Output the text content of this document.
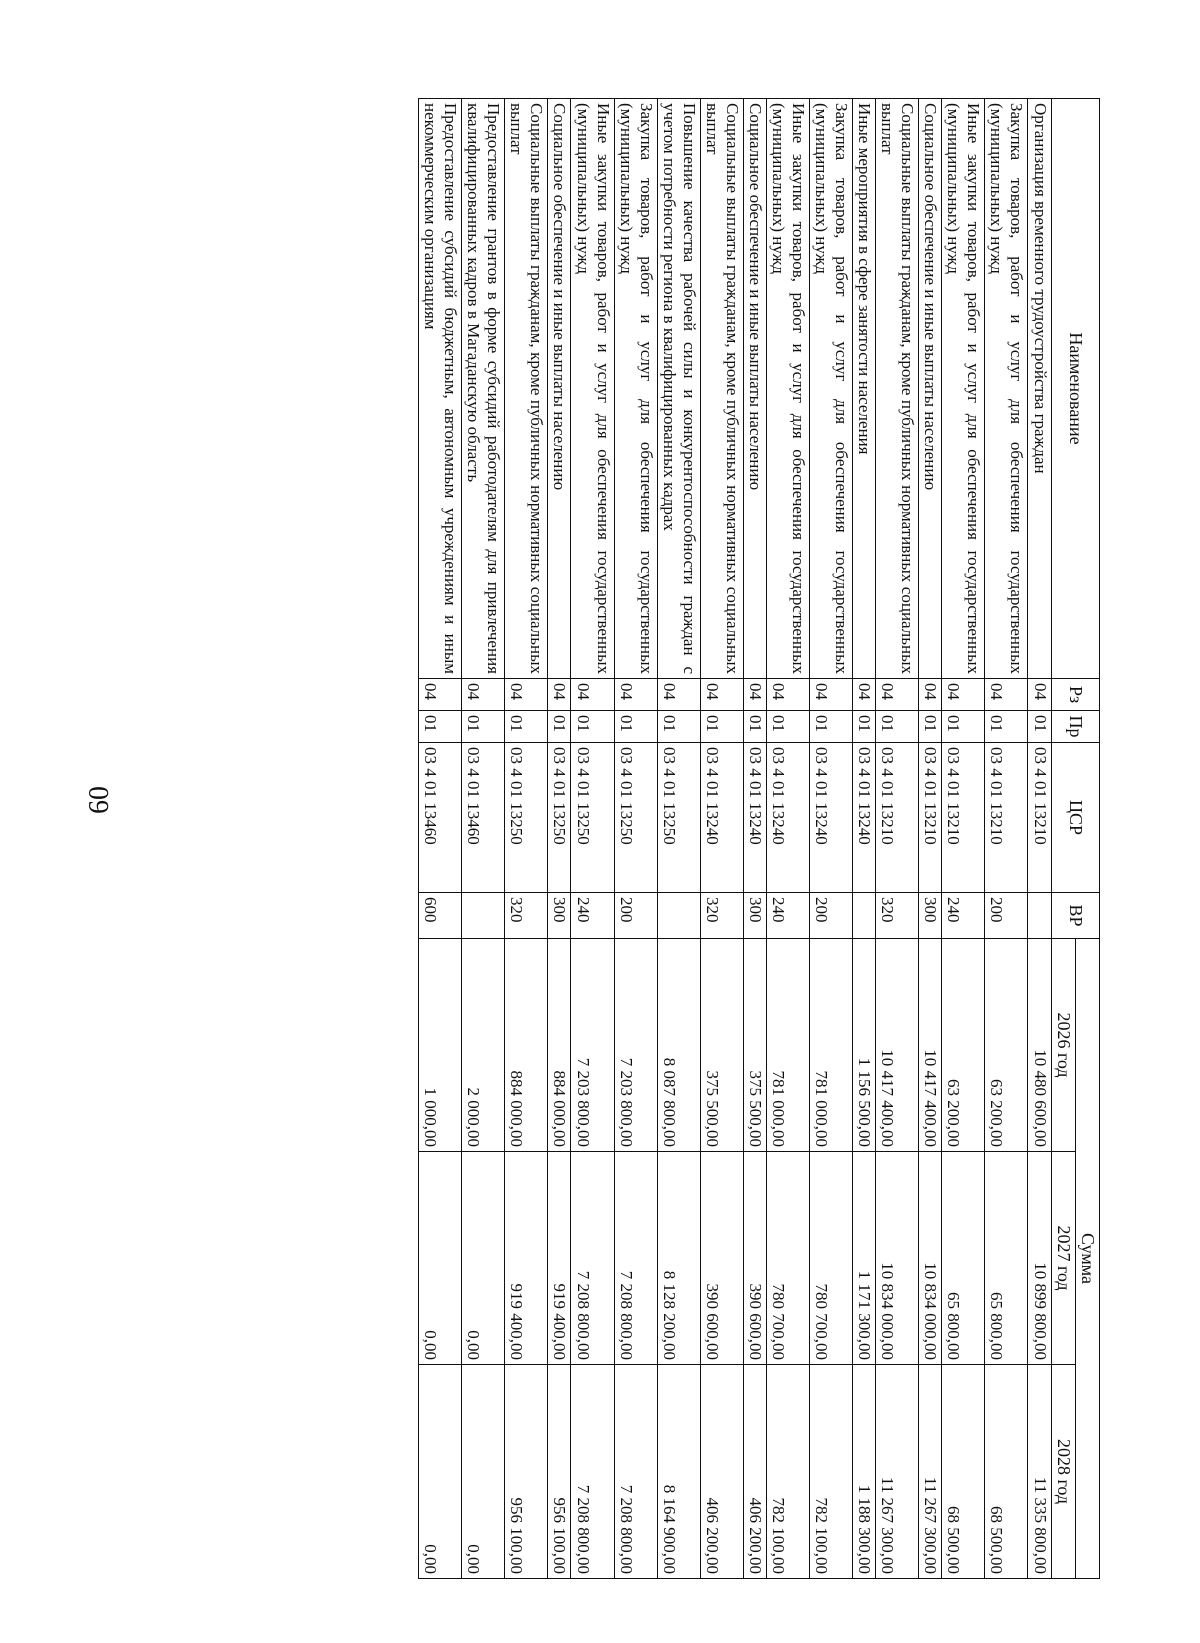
60
Наименование	Рз	Пр	ЦСР	ВР	Сумма		
					2026 год	2027 год	2028 год
Организация временного трудоустройства граждан	04	01	03 4 01 13210		10 480 600,00	10 899 800,00	11 335 800,00
Закупка товаров, работ и услуг для обеспечения государственных (муниципальных) нужд	04	01	03 4 01 13210	200	63 200,00	65 800,00	68 500,00
Иные закупки товаров, работ и услуг для обеспечения государственных (муниципальных) нужд	04	01	03 4 01 13210	240	63 200,00	65 800,00	68 500,00
Социальное обеспечение и иные выплаты населению	04	01	03 4 01 13210	300	10 417 400,00	10 834 000,00	11 267 300,00
Социальные выплаты гражданам, кроме публичных нормативных социальных выплат	04	01	03 4 01 13210	320	10 417 400,00	10 834 000,00	11 267 300,00
Иные мероприятия в сфере занятости населения	04	01	03 4 01 13240		1 156 500,00	1 171 300,00	1 188 300,00
Закупка товаров, работ и услуг для обеспечения государственных (муниципальных) нужд	04	01	03 4 01 13240	200	781 000,00	780 700,00	782 100,00
Иные закупки товаров, работ и услуг для обеспечения государственных (муниципальных) нужд	04	01	03 4 01 13240	240	781 000,00	780 700,00	782 100,00
Социальное обеспечение и иные выплаты населению	04	01	03 4 01 13240	300	375 500,00	390 600,00	406 200,00
Социальные выплаты гражданам, кроме публичных нормативных социальных выплат	04	01	03 4 01 13240	320	375 500,00	390 600,00	406 200,00
Повышение качества рабочей силы и конкурентоспособности граждан с учетом потребности региона в квалифицированных кадрах	04	01	03 4 01 13250		8 087 800,00	8 128 200,00	8 164 900,00
Закупка товаров, работ и услуг для обеспечения государственных (муниципальных) нужд	04	01	03 4 01 13250	200	7 203 800,00	7 208 800,00	7 208 800,00
Иные закупки товаров, работ и услуг для обеспечения государственных (муниципальных) нужд	04	01	03 4 01 13250	240	7 203 800,00	7 208 800,00	7 208 800,00
Социальное обеспечение и иные выплаты населению	04	01	03 4 01 13250	300	884 000,00	919 400,00	956 100,00
Социальные выплаты гражданам, кроме публичных нормативных социальных выплат	04	01	03 4 01 13250	320	884 000,00	919 400,00	956 100,00
Предоставление грантов в форме субсидий работодателям для привлечения квалифицированных кадров в Магаданскую область	04	01	03 4 01 13460		2 000,00	0,00	0,00
Предоставление субсидий бюджетным, автономным учреждениям и иным некоммерческим организациям	04	01	03 4 01 13460	600	1 000,00	0,00	0,00
